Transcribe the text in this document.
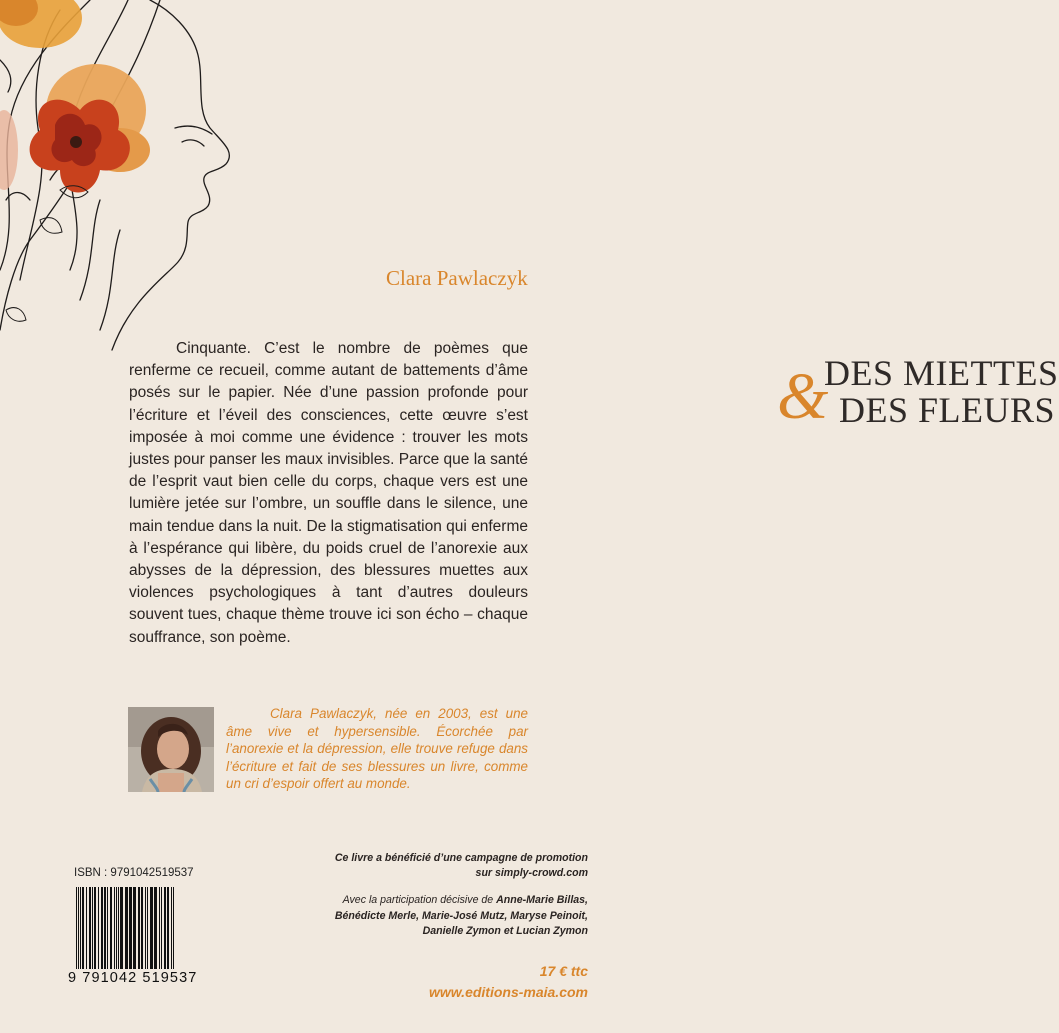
DES MIETTES
& DES FLEURS
Clara Pawlaczyk

Cinquante. C’est le nombre de poèmes que renferme ce recueil, comme autant de battements d’âme posés sur le papier. Née d’une passion profonde pour l’écriture et l’éveil des consciences, cette œuvre s’est imposée à moi comme une évidence : trouver les mots justes pour panser les maux invisibles. Parce que la santé de l’esprit vaut bien celle du corps, chaque vers est une lumière jetée sur l’ombre, un souffle dans le silence, une main tendue dans la nuit. De la stigmatisation qui enferme à l’espérance qui libère, du poids cruel de l’anorexie aux abysses de la dépression, des blessures muettes aux violences psychologiques à tant d’autres douleurs souvent tues, chaque thème trouve ici son écho – chaque souffrance, son poème.

Clara Pawlaczyk, née en 2003, est une âme vive et hypersensible. Écorchée par l’anorexie et la dépression, elle trouve refuge dans l’écriture et fait de ses blessures un livre, comme un cri d’espoir offert au monde.

ISBN : 9791042519537
9 791042 519537
Ce livre a bénéficié d’une campagne de promotion
sur simply-crowd.com
Avec la participation décisive de Anne-Marie Billas,
Bénédicte Merle, Marie-José Mutz, Maryse Peinoit,
Danielle Zymon et Lucian Zymon
17 € ttc
www.editions-maia.com
